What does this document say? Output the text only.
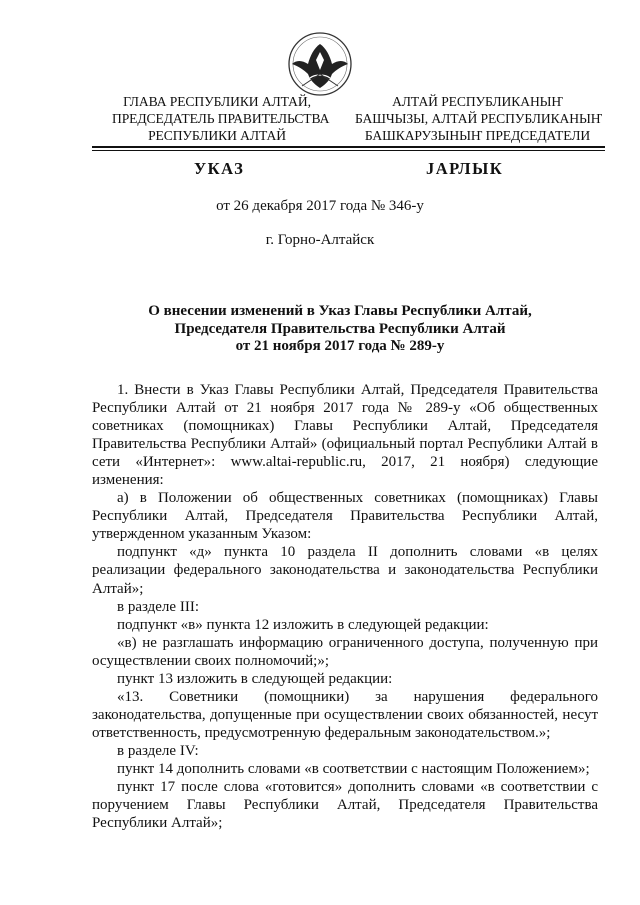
ГЛАВА РЕСПУБЛИКИ АЛТАЙ,
ПРЕДСЕДАТЕЛЬ ПРАВИТЕЛЬСТВА
РЕСПУБЛИКИ АЛТАЙ
АЛТАЙ РЕСПУБЛИКАНЫҤ
БАШЧЫЗЫ, АЛТАЙ РЕСПУБЛИКАНЫҤ
БАШКАРУЗЫНЫҤ ПРЕДСЕДАТЕЛИ
УКАЗ	ЈАРЛЫК
от 26 декабря 2017 года № 346-у
г. Горно-Алтайск
О внесении изменений в Указ Главы Республики Алтай,
Председателя Правительства Республики Алтай
от 21 ноября 2017 года № 289-у

1. Внести в Указ Главы Республики Алтай, Председателя Правительства Республики Алтай от 21 ноября 2017 года № 289-у «Об общественных советниках (помощниках) Главы Республики Алтай, Председателя Правительства Республики Алтай» (официальный портал Республики Алтай в сети «Интернет»: www.altai-republic.ru, 2017, 21 ноября) следующие изменения:

а) в Положении об общественных советниках (помощниках) Главы Республики Алтай, Председателя Правительства Республики Алтай, утвержденном указанным Указом:

подпункт «д» пункта 10 раздела II дополнить словами «в целях реализации федерального законодательства и законодательства Республики Алтай»;

в разделе III:

подпункт «в» пункта 12 изложить в следующей редакции:

«в) не разглашать информацию ограниченного доступа, полученную при осуществлении своих полномочий;»;

пункт 13 изложить в следующей редакции:

«13. Советники (помощники) за нарушения федерального законодательства, допущенные при осуществлении своих обязанностей, несут ответственность, предусмотренную федеральным законодательством.»;

в разделе IV:

пункт 14 дополнить словами «в соответствии с настоящим Положением»;

пункт 17 после слова «готовится» дополнить словами «в соответствии с поручением Главы Республики Алтай, Председателя Правительства Республики Алтай»;
